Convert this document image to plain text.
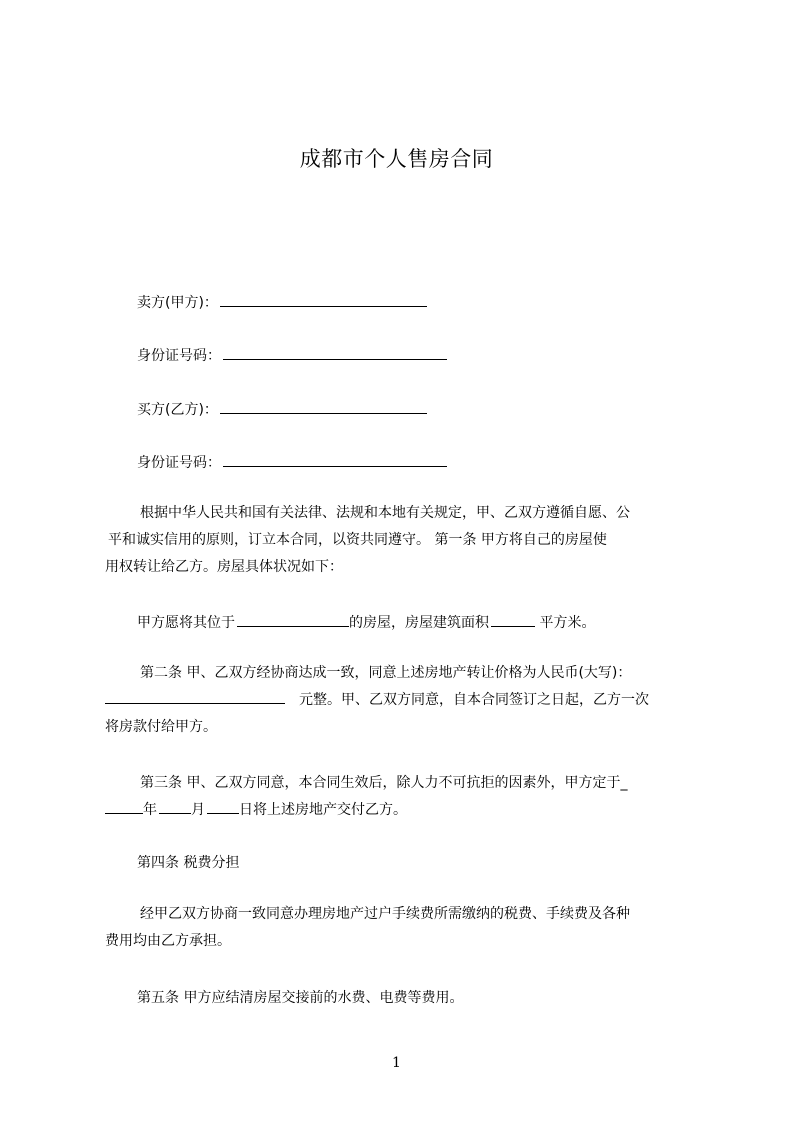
成都市个人售房合同
卖方(甲方)：
身份证号码：
买方(乙方)：
身份证号码：
根据中华人民共和国有关法律、法规和本地有关规定，甲、乙双方遵循自愿、公
平和诚实信用的原则，订立本合同，以资共同遵守。 第一条 甲方将自己的房屋使
用权转让给乙方。房屋具体状况如下：
甲方愿将其位于	的房屋，房屋建筑面积	平方米。
第二条 甲、乙双方经协商达成一致，同意上述房地产转让价格为人民币(大写)：
元整。甲、乙双方同意，自本合同签订之日起，乙方一次
将房款付给甲方。
第三条 甲、乙双方同意，本合同生效后，除人力不可抗拒的因素外，甲方定于_
年 月 日将上述房地产交付乙方。
第四条 税费分担
经甲乙双方协商一致同意办理房地产过户手续费所需缴纳的税费、手续费及各种
费用均由乙方承担。
第五条 甲方应结清房屋交接前的水费、电费等费用。
1
